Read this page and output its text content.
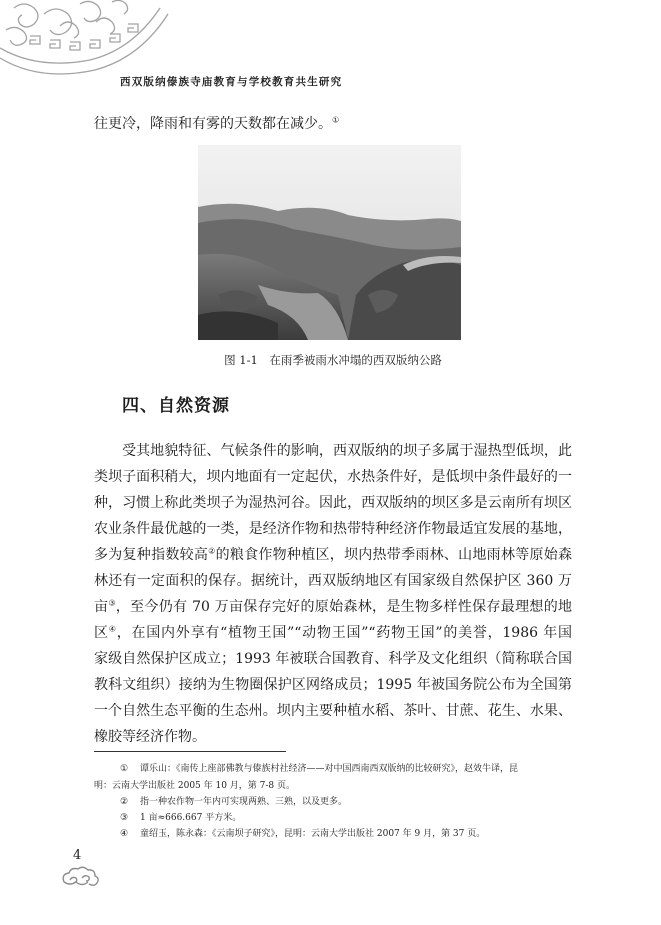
西双版纳傣族寺庙教育与学校教育共生研究

往更冷，降雨和有雾的天数都在减少。①

图 1-1　在雨季被雨水冲塌的西双版纳公路

四、自然资源

受其地貌特征、气候条件的影响，西双版纳的坝子多属于湿热型低坝，此

类坝子面积稍大，坝内地面有一定起伏，水热条件好，是低坝中条件最好的一

种，习惯上称此类坝子为湿热河谷。因此，西双版纳的坝区多是云南所有坝区

农业条件最优越的一类，是经济作物和热带特种经济作物最适宜发展的基地，

多为复种指数较高②的粮食作物种植区，坝内热带季雨林、山地雨林等原始森

林还有一定面积的保存。据统计，西双版纳地区有国家级自然保护区 360 万

亩③，至今仍有 70 万亩保存完好的原始森林，是生物多样性保存最理想的地

区④，在国内外享有“植物王国”“动物王国”“药物王国”的美誉，1986 年国

家级自然保护区成立；1993 年被联合国教育、科学及文化组织（简称联合国

教科文组织）接纳为生物圈保护区网络成员；1995 年被国务院公布为全国第

一个自然生态平衡的生态州。坝内主要种植水稻、茶叶、甘蔗、花生、水果、

橡胶等经济作物。

① 谭乐山：《南传上座部佛教与傣族村社经济——对中国西南西双版纳的比较研究》，赵效牛译，昆

明：云南大学出版社 2005 年 10 月，第 7-8 页。

② 指一种农作物一年内可实现两熟、三熟，以及更多。

③ 1 亩≈666.667 平方米。

④ 童绍玉，陈永森：《云南坝子研究》，昆明：云南大学出版社 2007 年 9 月，第 37 页。

4
